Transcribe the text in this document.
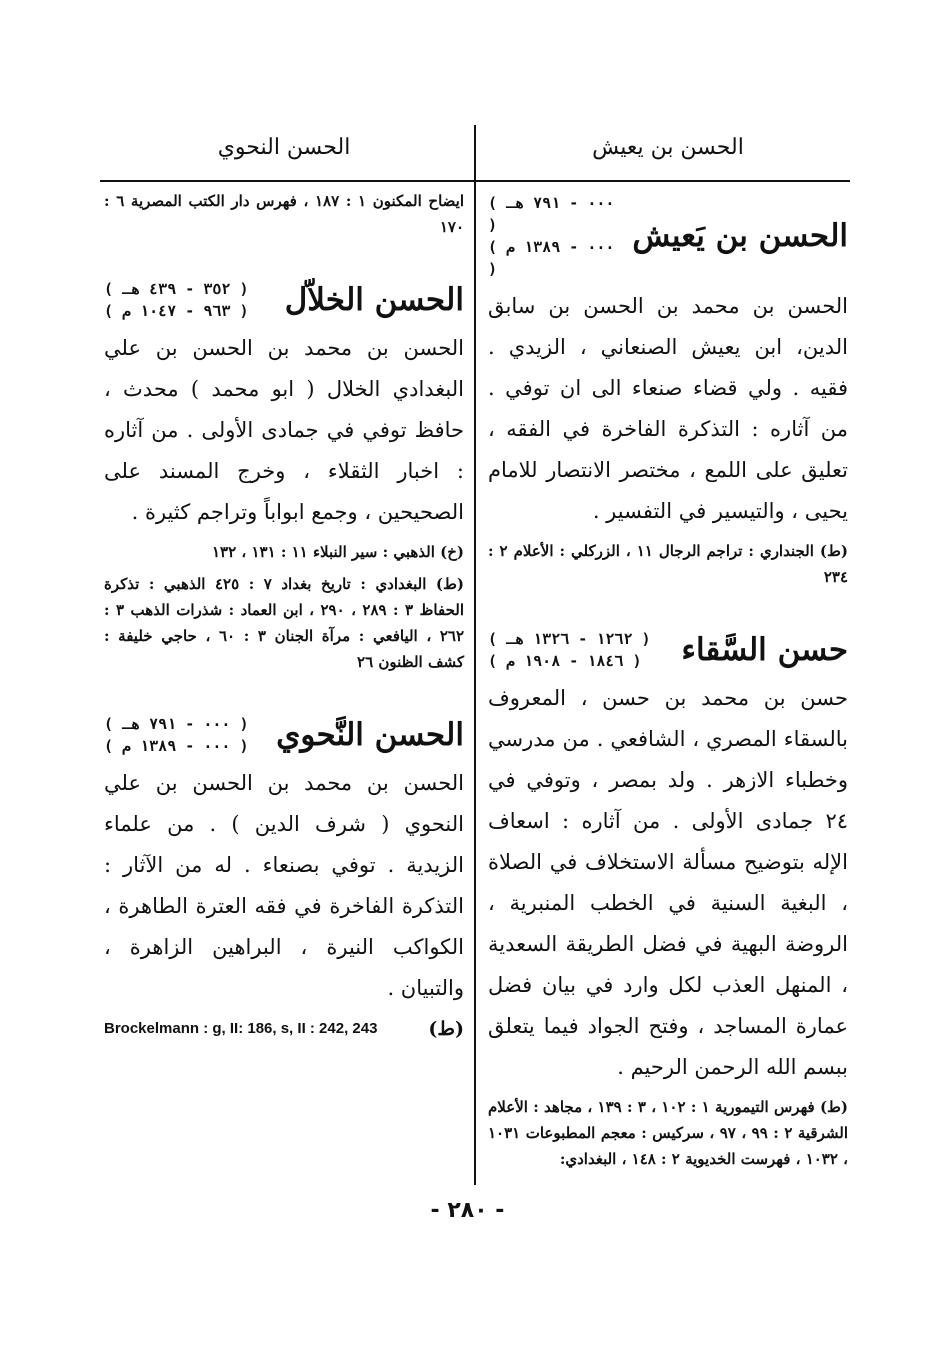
الحسن بن يعيش
الحسن النحوي
الحسن بن يَعيش
( ٠٠٠ - ٧٩١ هـ )
( ٠٠٠ - ١٣٨٩ م )

الحسن بن محمد بن الحسن بن سابق الدين، ابن يعيش الصنعاني ، الزيدي . فقيه . ولي قضاء صنعاء الى ان توفي . من آثاره : التذكرة الفاخرة في الفقه ، تعليق على اللمع ، مختصر الانتصار للامام يحيى ، والتيسير في التفسير .

(ط) الجنداري : تراجم الرجال ١١ ، الزركلي : الأعلام ٢ : ٢٣٤

حسن السَّقاء
( ١٢٦٢ - ١٣٢٦ هـ )
( ١٨٤٦ - ١٩٠٨ م )

حسن بن محمد بن حسن ، المعروف بالسقاء المصري ، الشافعي . من مدرسي وخطباء الازهر . ولد بمصر ، وتوفي في ٢٤ جمادى الأولى . من آثاره : اسعاف الإله بتوضيح مسألة الاستخلاف في الصلاة ، البغية السنية في الخطب المنبرية ، الروضة البهية في فضل الطريقة السعدية ، المنهل العذب لكل وارد في بيان فضل عمارة المساجد ، وفتح الجواد فيما يتعلق ببسم الله الرحمن الرحيم .

(ط) فهرس التيمورية ١ : ١٠٢ ، ٣ : ١٣٩ ، مجاهد : الأعلام الشرقية ٢ : ٩٩ ، ٩٧ ، سركيس : معجم المطبوعات ١٠٣١ ، ١٠٣٢ ، فهرست الخديوية ٢ : ١٤٨ ، البغدادي:

ايضاح المكنون ١ : ١٨٧ ، فهرس دار الكتب المصرية ٦ : ١٧٠

الحسن الخلاّل
( ٣٥٢ - ٤٣٩ هـ )
( ٩٦٣ - ١٠٤٧ م )

الحسن بن محمد بن الحسن بن علي البغدادي الخلال ( ابو محمد ) محدث ، حافظ توفي في جمادى الأولى . من آثاره : اخبار الثقلاء ، وخرج المسند على الصحيحين ، وجمع ابواباً وتراجم كثيرة .

(خ) الذهبي : سير النبلاء ١١ : ١٣١ ، ١٣٢

(ط) البغدادي : تاريخ بغداد ٧ : ٤٢٥ الذهبي : تذكرة الحفاظ ٣ : ٢٨٩ ، ٢٩٠ ، ابن العماد : شذرات الذهب ٣ : ٢٦٢ ، اليافعي : مرآة الجنان ٣ : ٦٠ ، حاجي خليفة : كشف الظنون ٢٦

الحسن النَّحوي
( ٠٠٠ - ٧٩١ هـ )
( ٠٠٠ - ١٣٨٩ م )

الحسن بن محمد بن الحسن بن علي النحوي ( شرف الدين ) . من علماء الزيدية . توفي بصنعاء . له من الآثار : التذكرة الفاخرة في فقه العترة الطاهرة ، الكواكب النيرة ، البراهين الزاهرة ، والتبيان .

(ط)
Brockelmann : g, II: 186, s, II : 242, 243
- ٢٨٠ -
